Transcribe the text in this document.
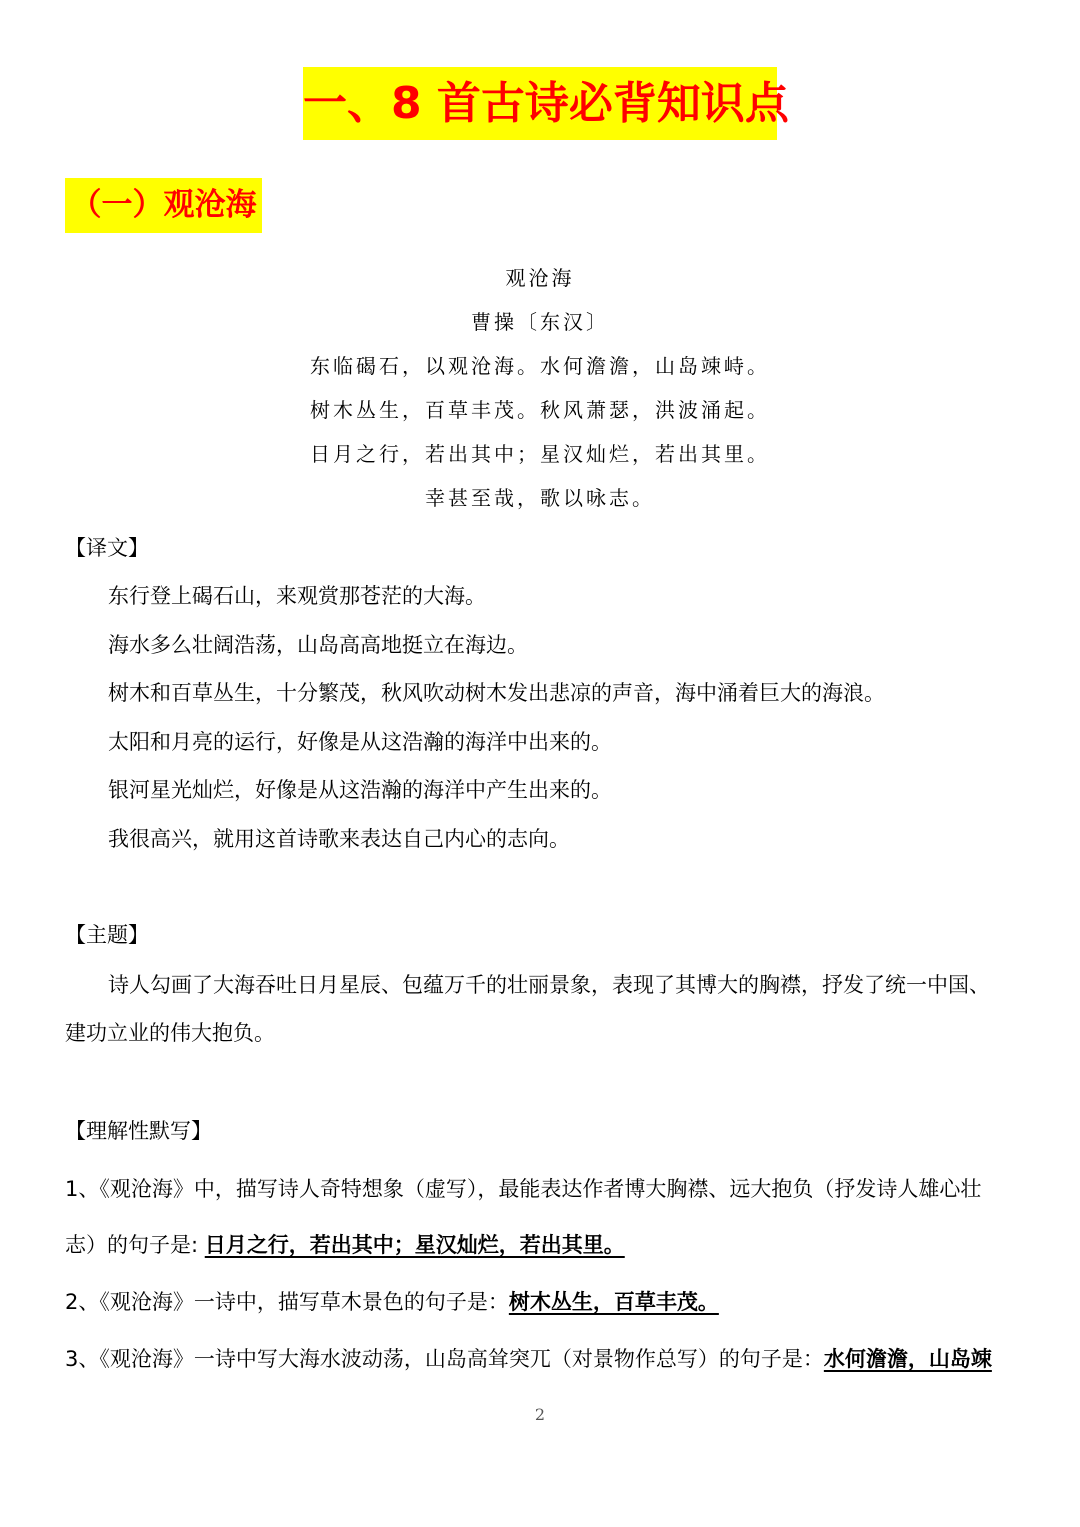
一、8 首古诗必背知识点
（一）观沧海
观沧海
曹操〔东汉〕
东临碣石，以观沧海。水何澹澹，山岛竦峙。
树木丛生，百草丰茂。秋风萧瑟，洪波涌起。
日月之行，若出其中；星汉灿烂，若出其里。
幸甚至哉，歌以咏志。
【译文】
东行登上碣石山，来观赏那苍茫的大海。
海水多么壮阔浩荡，山岛高高地挺立在海边。
树木和百草丛生，十分繁茂，秋风吹动树木发出悲凉的声音，海中涌着巨大的海浪。
太阳和月亮的运行，好像是从这浩瀚的海洋中出来的。
银河星光灿烂，好像是从这浩瀚的海洋中产生出来的。
我很高兴，就用这首诗歌来表达自己内心的志向。
【主题】
诗人勾画了大海吞吐日月星辰、包蕴万千的壮丽景象，表现了其博大的胸襟，抒发了统一中国、
建功立业的伟大抱负。
【理解性默写】
1、《观沧海》中，描写诗人奇特想象（虚写），最能表达作者博大胸襟、远大抱负（抒发诗人雄心壮
志）的句子是: 日月之行，若出其中；星汉灿烂，若出其里。
2、《观沧海》一诗中，描写草木景色的句子是：树木丛生，百草丰茂。
3、《观沧海》一诗中写大海水波动荡，山岛高耸突兀（对景物作总写）的句子是：水何澹澹，山岛竦
2
